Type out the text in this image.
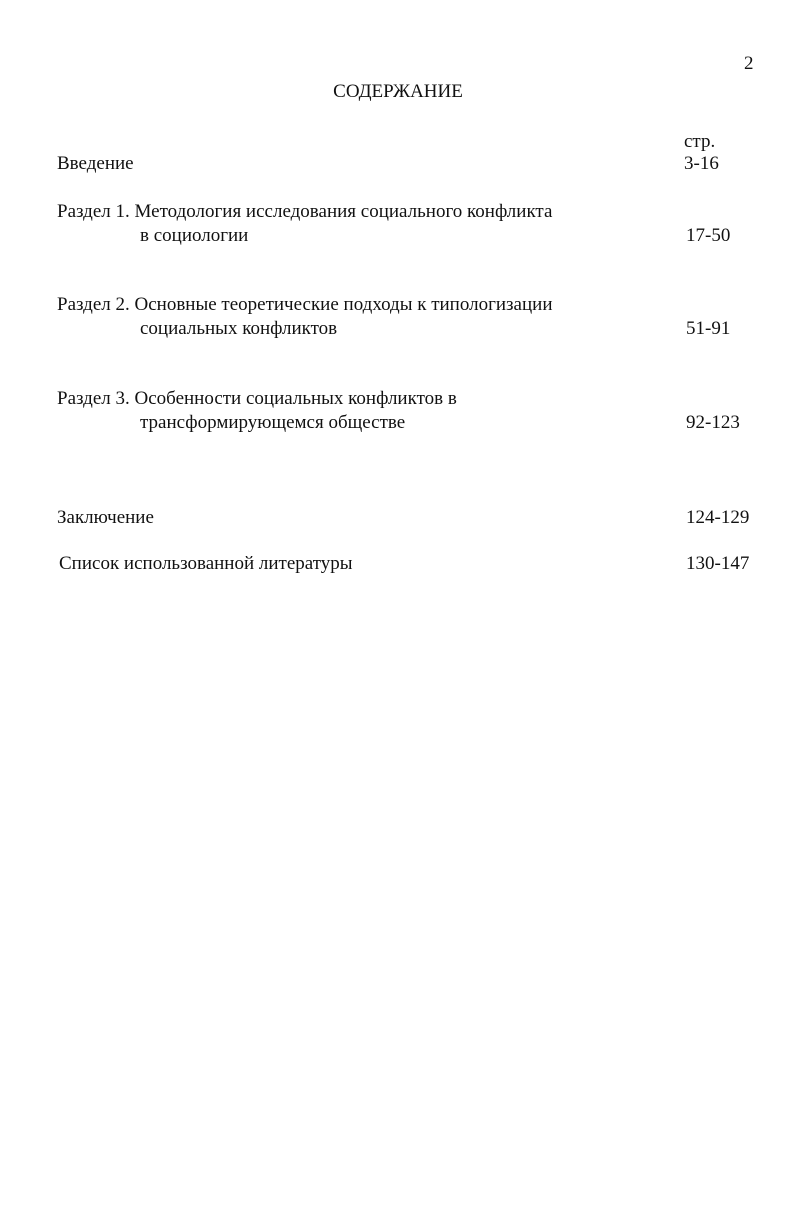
2
СОДЕРЖАНИЕ
стр.
Введение	3-16
Раздел 1. Методология исследования социального конфликта
в социологии	17-50
Раздел 2. Основные теоретические подходы к типологизации
социальных конфликтов	51-91
Раздел 3. Особенности социальных конфликтов в
трансформирующемся обществе	92-123
Заключение	124-129
Список использованной литературы	130-147
